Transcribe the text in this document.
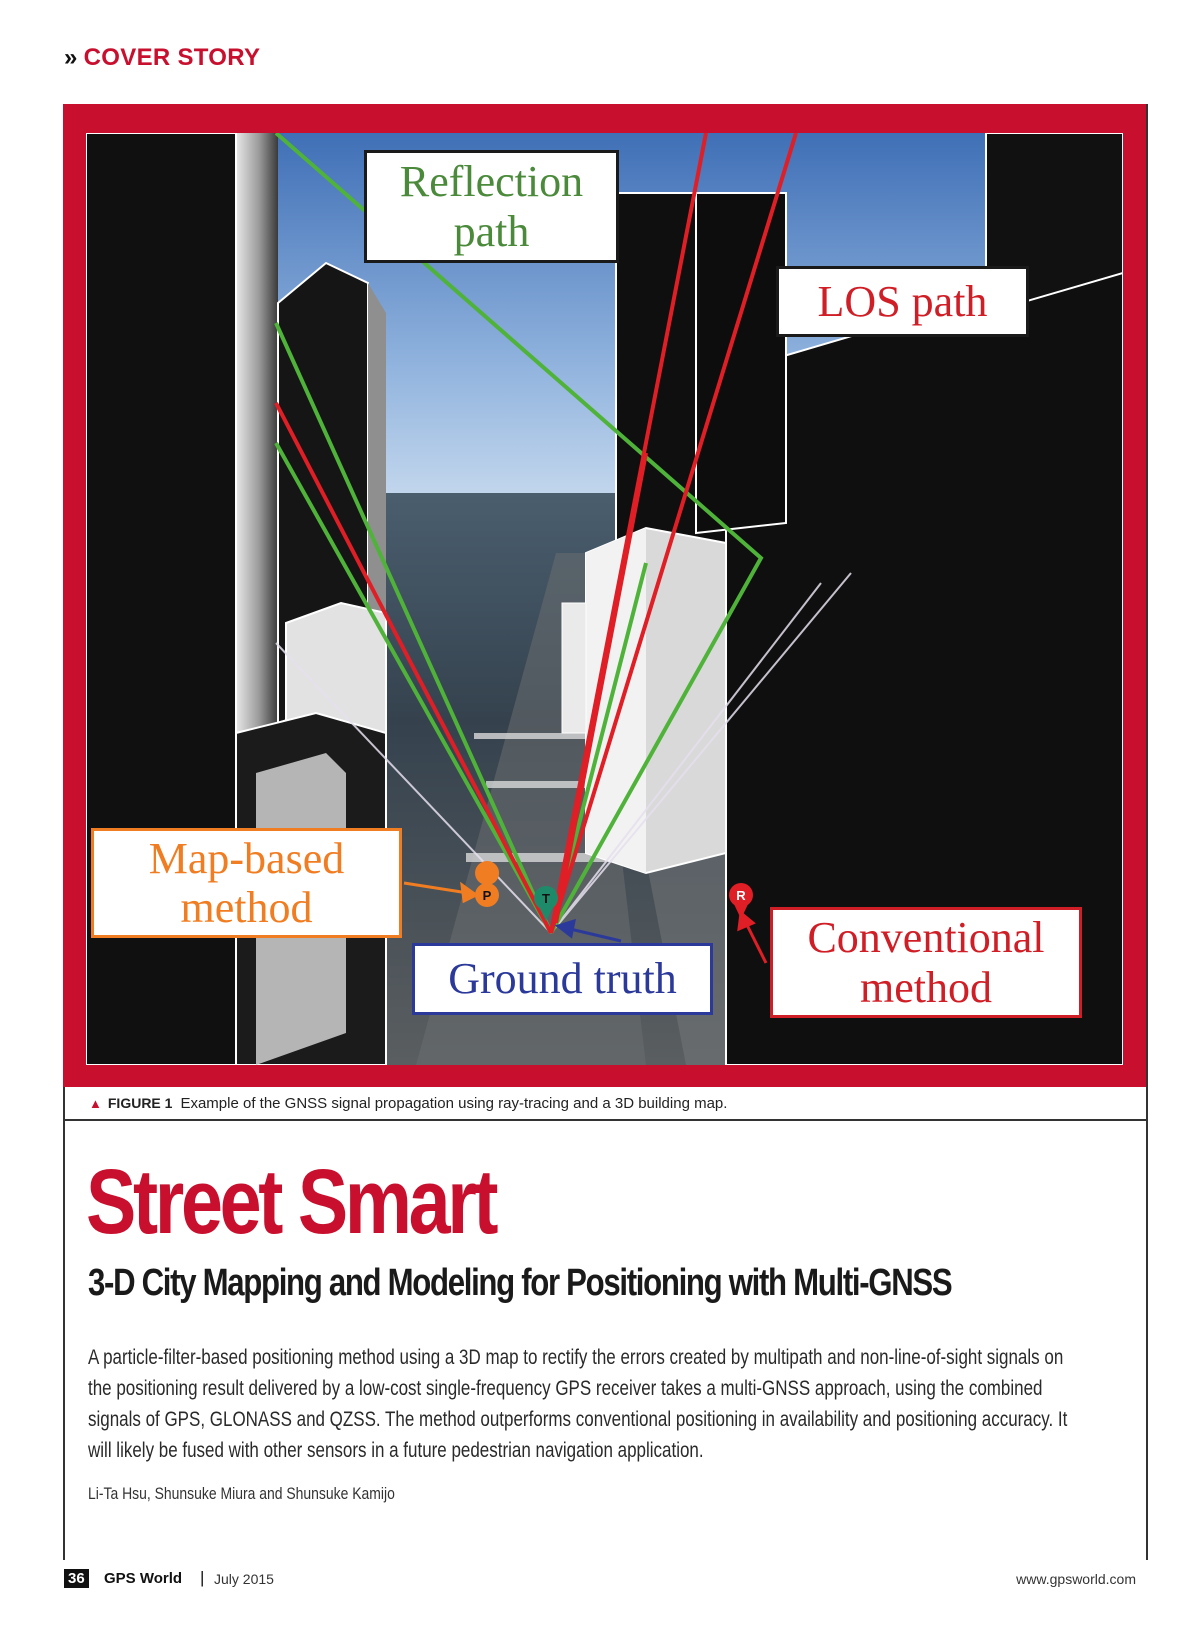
» COVER STORY
P	T	R
Reflection
path
LOS path
Map-based
method
Ground truth
Conventional
method
▲ FIGURE 1 Example of the GNSS signal propagation using ray-tracing and a 3D building map.
Street Smart
3-D City Mapping and Modeling for Positioning with Multi-GNSS
A particle-filter-based positioning method using a 3D map to rectify the errors created by multipath and non-line-of-sight signals on the positioning result delivered by a low-cost single-frequency GPS receiver takes a multi-GNSS approach, using the combined signals of GPS, GLONASS and QZSS. The method outperforms conventional positioning in availability and positioning accuracy. It will likely be fused with other sensors in a future pedestrian navigation application.
Li-Ta Hsu, Shunsuke Miura and Shunsuke Kamijo
36 GPS World | July 2015	www.gpsworld.com
